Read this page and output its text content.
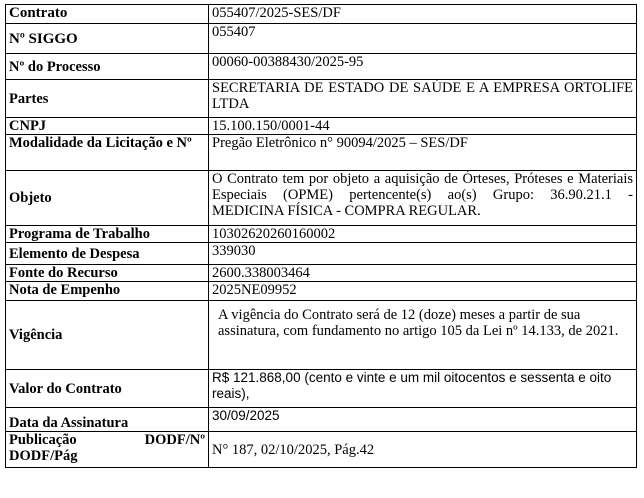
Contrato	055407/2025-SES/DF
Nº SIGGO	055407
Nº do Processo	00060-00388430/2025-95
Partes	SECRETARIA DE ESTADO DE SAÚDE E A EMPRESA ORTOLIFE LTDA
CNPJ	15.100.150/0001-44
Modalidade da Licitação e Nº	Pregão Eletrônico n° 90094/2025 – SES/DF
Objeto	O Contrato tem por objeto a aquisição de Órteses, Próteses e Materiais Especiais (OPME) pertencente(s) ao(s) Grupo: 36.90.21.1 - MEDICINA FÍSICA - COMPRA REGULAR.
Programa de Trabalho	10302620260160002
Elemento de Despesa	339030
Fonte do Recurso	2600.338003464
Nota de Empenho	2025NE09952
Vigência	A vigência do Contrato será de 12 (doze) meses a partir de sua assinatura, com fundamento no artigo 105 da Lei nº 14.133, de 2021.

Valor do Contrato	R$ 121.868,00 (cento e vinte e um mil oitocentos e sessenta e oito reais),
Data da Assinatura	30/09/2025

Publicação DODF/Nº
DODF/Pág	N° 187, 02/10/2025, Pág.42
